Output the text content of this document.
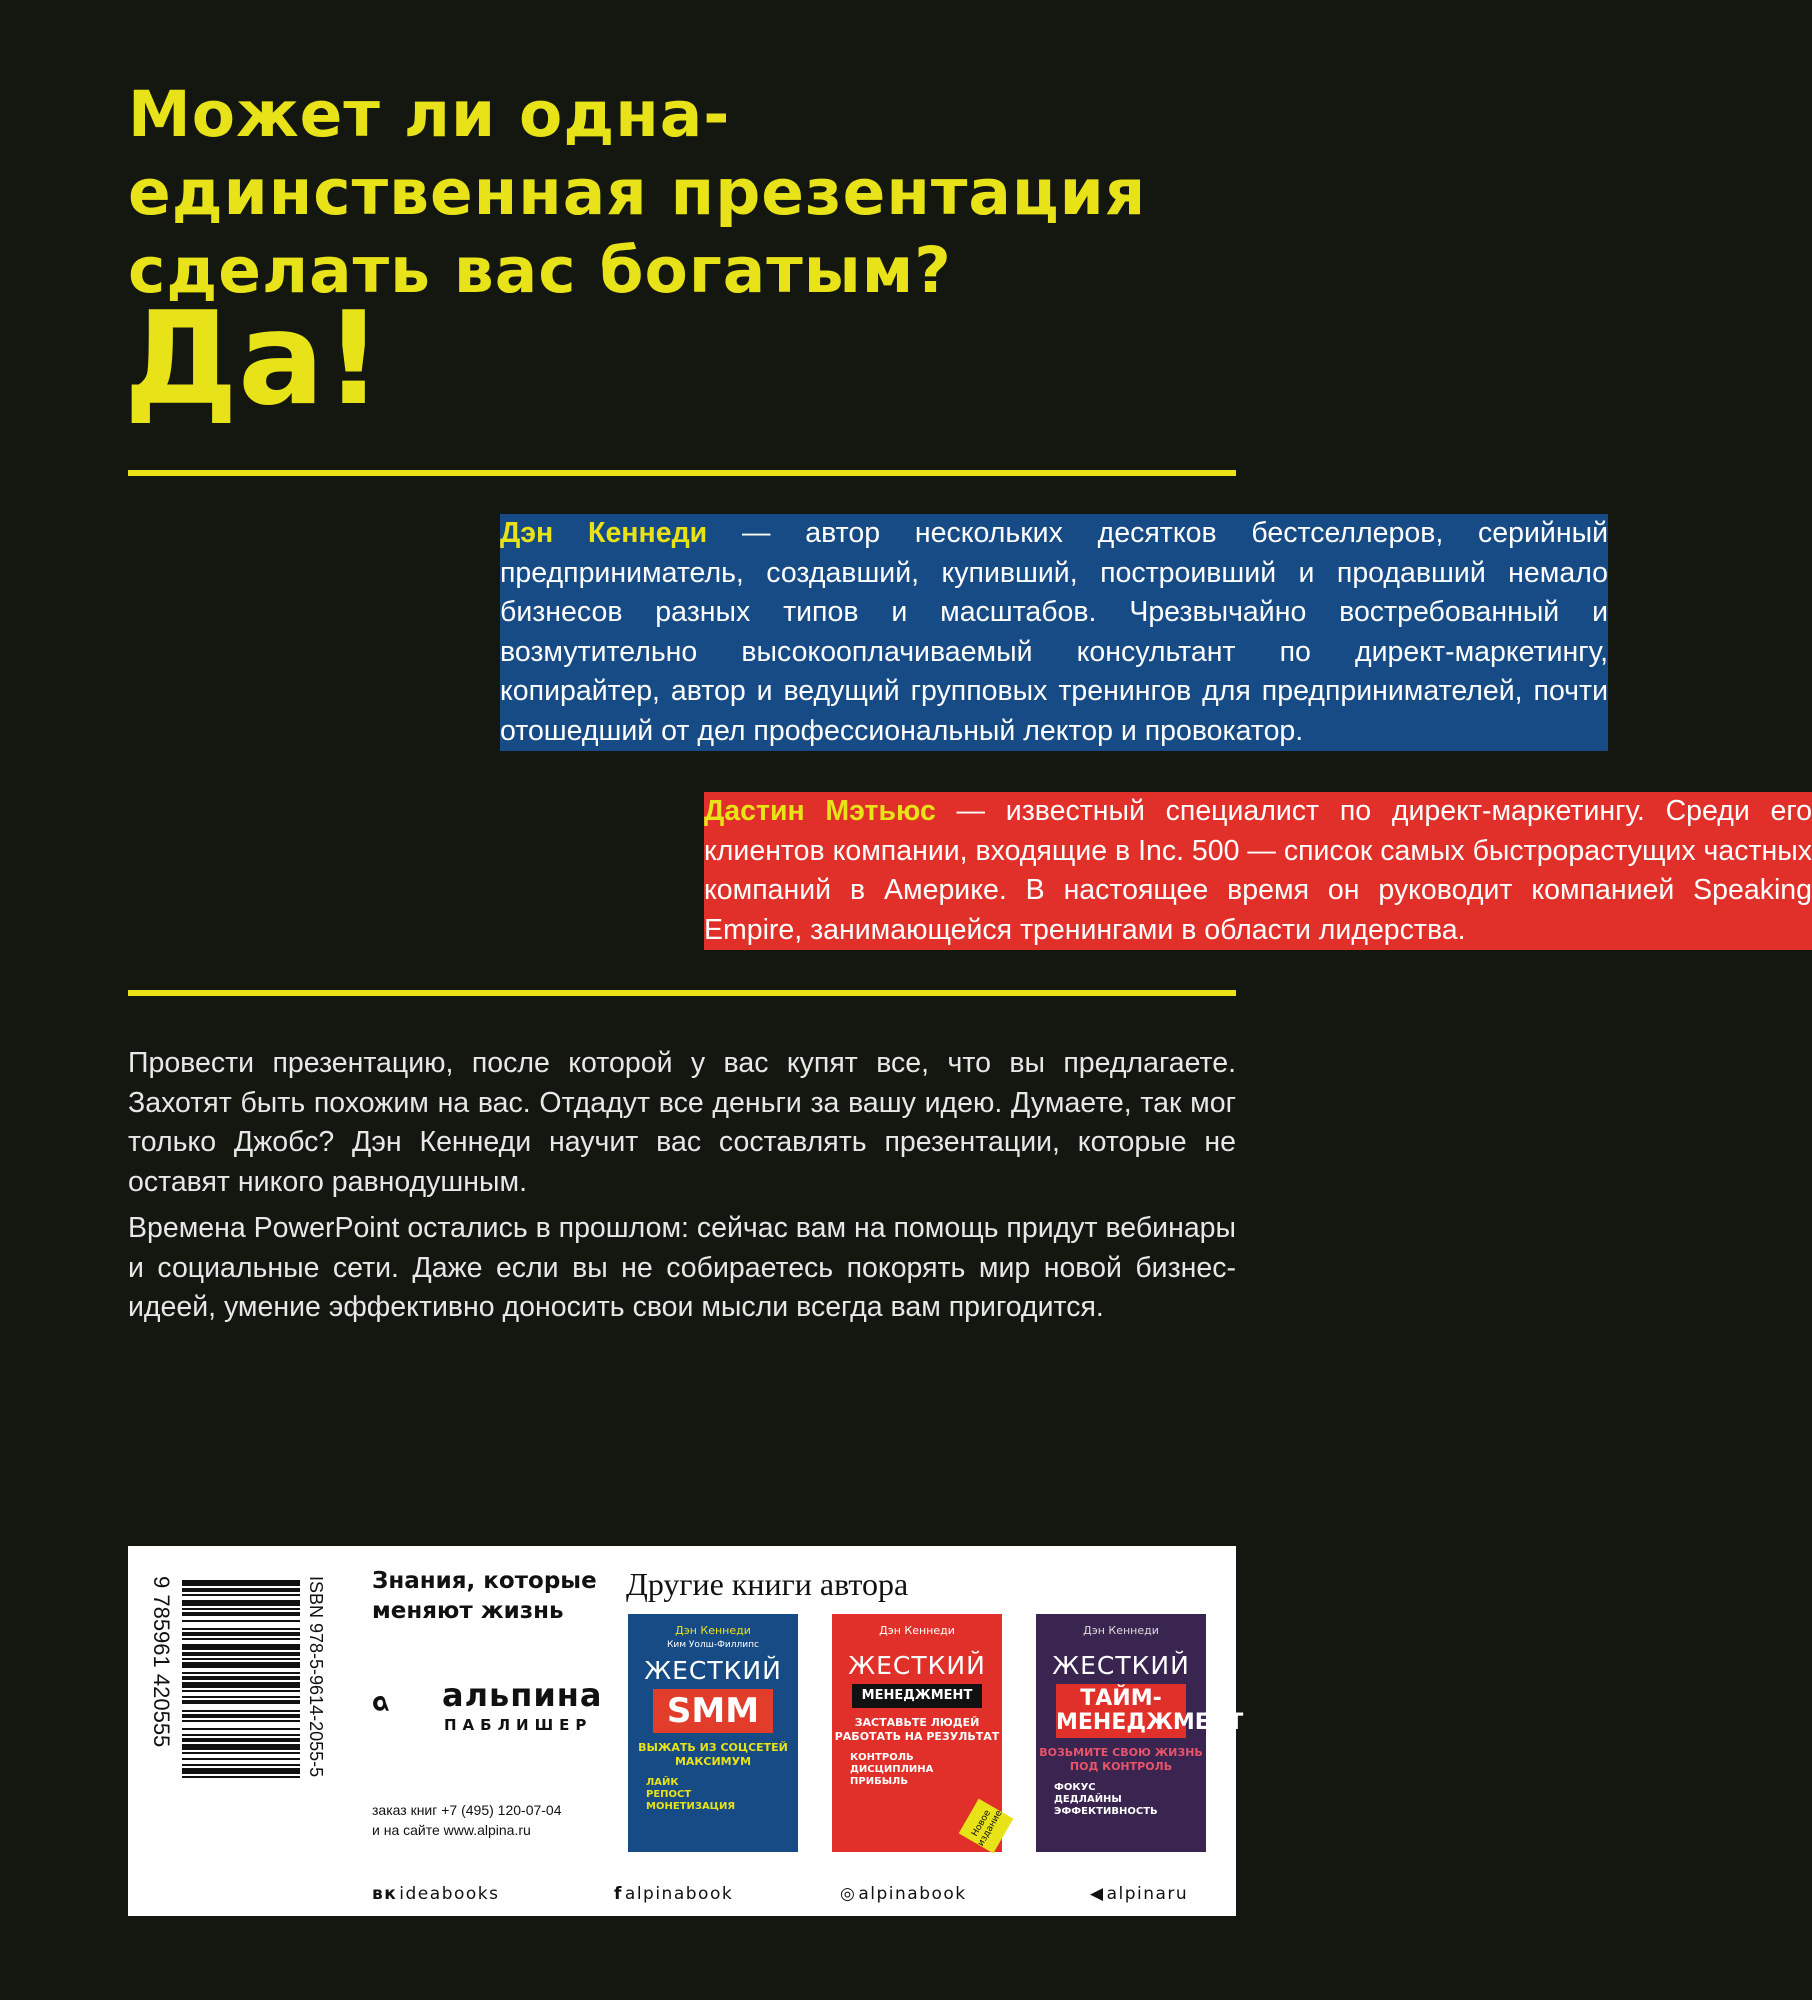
Может ли одна-
единственная презентация
сделать вас богатым?
Да!
Дэн Кеннеди — автор нескольких десятков бестселлеров, серийный предприниматель, создавший, купивший, построивший и продавший немало бизнесов разных типов и масштабов. Чрезвычайно востребованный и возмутительно высокооплачиваемый консультант по директ-маркетингу, копирайтер, автор и ведущий групповых тренингов для предпринимателей, почти отошедший от дел профессиональный лектор и провокатор.
Дастин Мэтьюс — известный специалист по директ-маркетингу. Среди его клиентов компании, входящие в Inc. 500 — список самых быстрорастущих частных компаний в Америке. В настоящее время он руководит компанией Speaking Empire, занимающейся тренингами в области лидерства.

Провести презентацию, после которой у вас купят все, что вы предлагаете. Захотят быть похожим на вас. Отдадут все деньги за вашу идею. Думаете, так мог только Джобс? Дэн Кеннеди научит вас составлять презентации, которые не оставят никого равнодушным.

Времена PowerPoint остались в прошлом: сейчас вам на помощь придут вебинары и социальные сети. Даже если вы не собираетесь покорять мир новой бизнес-идеей, умение эффективно доносить свои мысли всегда вам пригодится.

9 785961 420555	ISBN 978-5-9614-2055-5 Знания, которые меняют жизнь
альпина
ПАБЛИШЕР
заказ книг +7 (495) 120-07-04
и на сайте www.alpina.ru
Другие книги автора
Дэн Кеннеди
Ким Уолш-Филлипс
ЖЕСТКИЙ
SMM
ВЫЖАТЬ ИЗ СОЦСЕТЕЙ МАКСИМУМ
ЛАЙК
РЕПОСТ
МОНЕТИЗАЦИЯ
Дэн Кеннеди
ЖЕСТКИЙ
МЕНЕДЖМЕНТ
ЗАСТАВЬТЕ ЛЮДЕЙ РАБОТАТЬ НА РЕЗУЛЬТАТ
КОНТРОЛЬ
ДИСЦИПЛИНА
ПРИБЫЛЬ
Новое издание
Дэн Кеннеди
ЖЕСТКИЙ
ТАЙМ-МЕНЕДЖМЕНТ
ВОЗЬМИТЕ СВОЮ ЖИЗНЬ ПОД КОНТРОЛЬ
ФОКУС
ДЕДЛАЙНЫ
ЭФФЕКТИВНОСТЬ
вк ideabooks	f alpinabook	◎ alpinabook	◀ alpinaru
